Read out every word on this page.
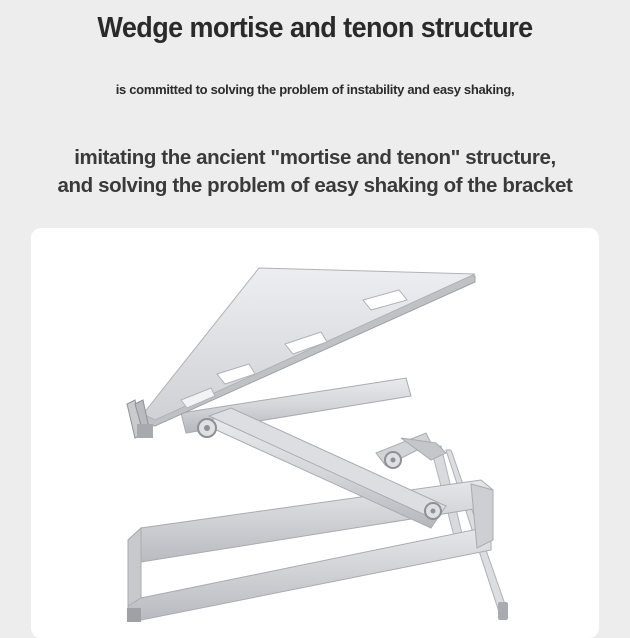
Wedge mortise and tenon structure
is committed to solving the problem of instability and easy shaking,
imitating the ancient "mortise and tenon" structure,
and solving the problem of easy shaking of the bracket
